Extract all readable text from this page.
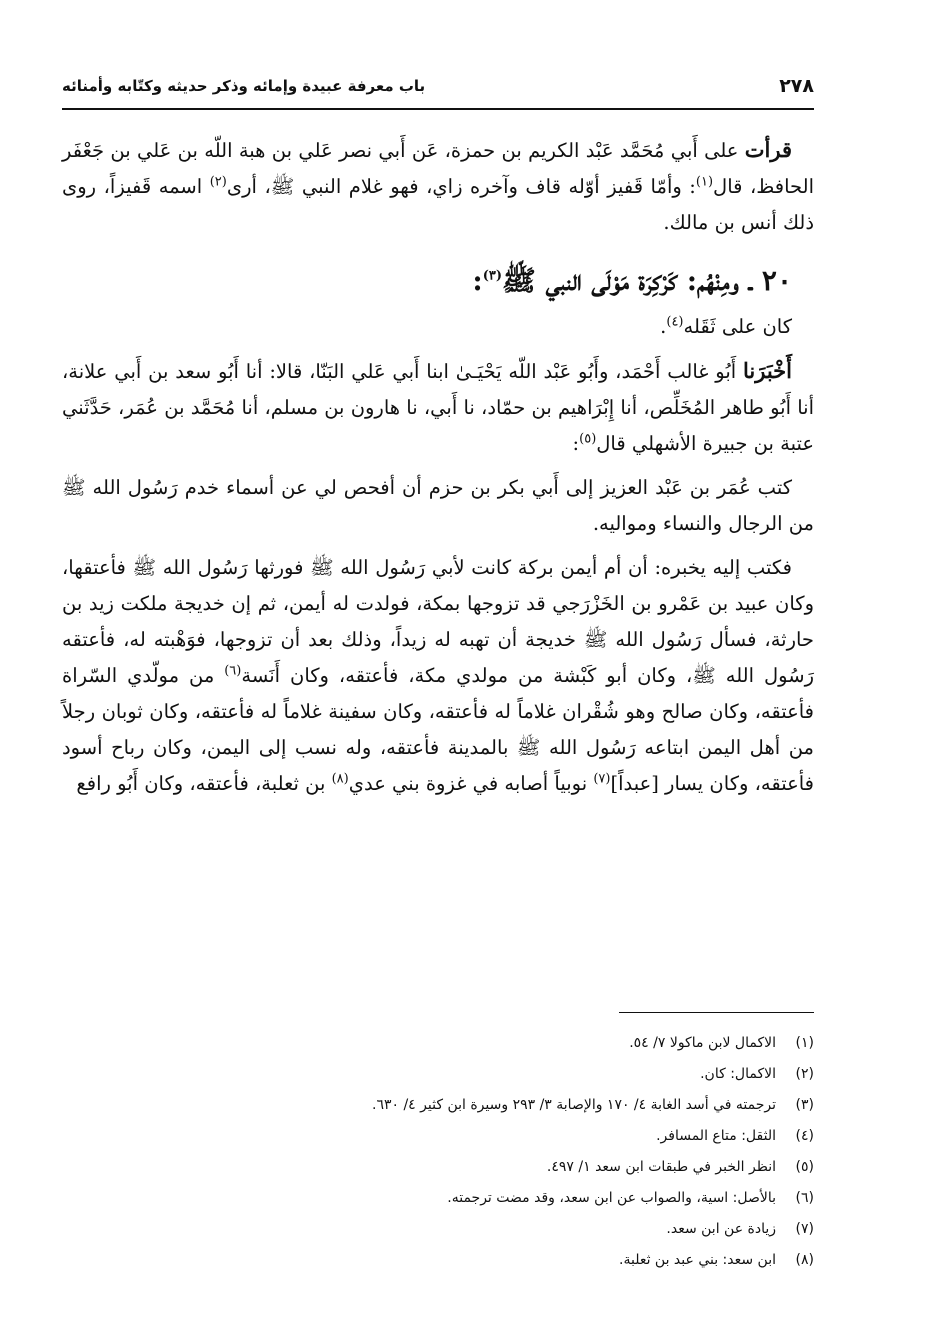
٢٧٨
باب معرفة عبيدة وإمائه وذكر حديثه وكتّابه وأمنائه

قرأت على أَبي مُحَمَّد عَبْد الكريم بن حمزة، عَن أَبي نصر عَلي بن هبة اللّه بن عَلي بن جَعْفَر الحافظ، قال$^{(١)}$: وأمّا قَفيز أوّله قاف وآخره زاي، فهو غلام النبي ﷺ، أرى$^{(٢)}$ اسمه قَفيزاً، روى ذلك أنس بن مالك.

٢٠ ـ ومِنْهُم: كَرْكِرَة مَوْلَى النبي ﷺ$^{(٣)}$:

كان على ثَقَله$^{(٤)}$.

أَخْبَرَنا أَبُو غالب أَحْمَد، وأَبُو عَبْد اللّه يَحْيَـىٰ ابنا أَبي عَلي البَنّا، قالا: أنا أَبُو سعد بن أَبي علانة، أنا أَبُو طاهر المُخَلِّص، أنا إِبْرَاهيم بن حمّاد، نا أَبي، نا هارون بن مسلم، أنا مُحَمَّد بن عُمَر، حَدَّثَني عتبة بن جبيرة الأشهلي قال$^{(٥)}$:

كتب عُمَر بن عَبْد العزيز إلى أَبي بكر بن حزم أن أفحص لي عن أسماء خدم رَسُول الله ﷺ من الرجال والنساء ومواليه.

فكتب إليه يخبره: أن أم أيمن بركة كانت لأبي رَسُول الله ﷺ فورثها رَسُول الله ﷺ فأعتقها، وكان عبيد بن عَمْرو بن الخَزْرَجي قد تزوجها بمكة، فولدت له أيمن، ثم إن خديجة ملكت زيد بن حارثة، فسأل رَسُول الله ﷺ خديجة أن تهبه له زيداً، وذلك بعد أن تزوجها، فوَهْبته له، فأعتقه رَسُول الله ﷺ، وكان أبو كَبْشة من مولدي مكة، فأعتقه، وكان أَنَسة$^{(٦)}$ من مولّدي السّراة فأعتقه، وكان صالح وهو شُقْران غلاماً له فأعتقه، وكان سفينة غلاماً له فأعتقه، وكان ثوبان رجلاً من أهل اليمن ابتاعه رَسُول الله ﷺ بالمدينة فأعتقه، وله نسب إلى اليمن، وكان رباح أسود فأعتقه، وكان يسار [عبداً]$^{(٧)}$ نوبياً أصابه في غزوة بني عدي$^{(٨)}$ بن ثعلبة، فأعتقه، وكان أَبُو رافع

(١)
الاكمال لابن ماكولا ٧/ ٥٤.
(٢)
الاكمال: كان.
(٣)
ترجمته في أسد الغابة ٤/ ١٧٠ والإصابة ٣/ ٢٩٣ وسيرة ابن كثير ٤/ ٦٣٠.
(٤)
الثقل: متاع المسافر.
(٥)
انظر الخبر في طبقات ابن سعد ١/ ٤٩٧.
(٦)
بالأصل: اسية، والصواب عن ابن سعد، وقد مضت ترجمته.
(٧)
زيادة عن ابن سعد.
(٨)
ابن سعد: بني عبد بن ثعلبة.
